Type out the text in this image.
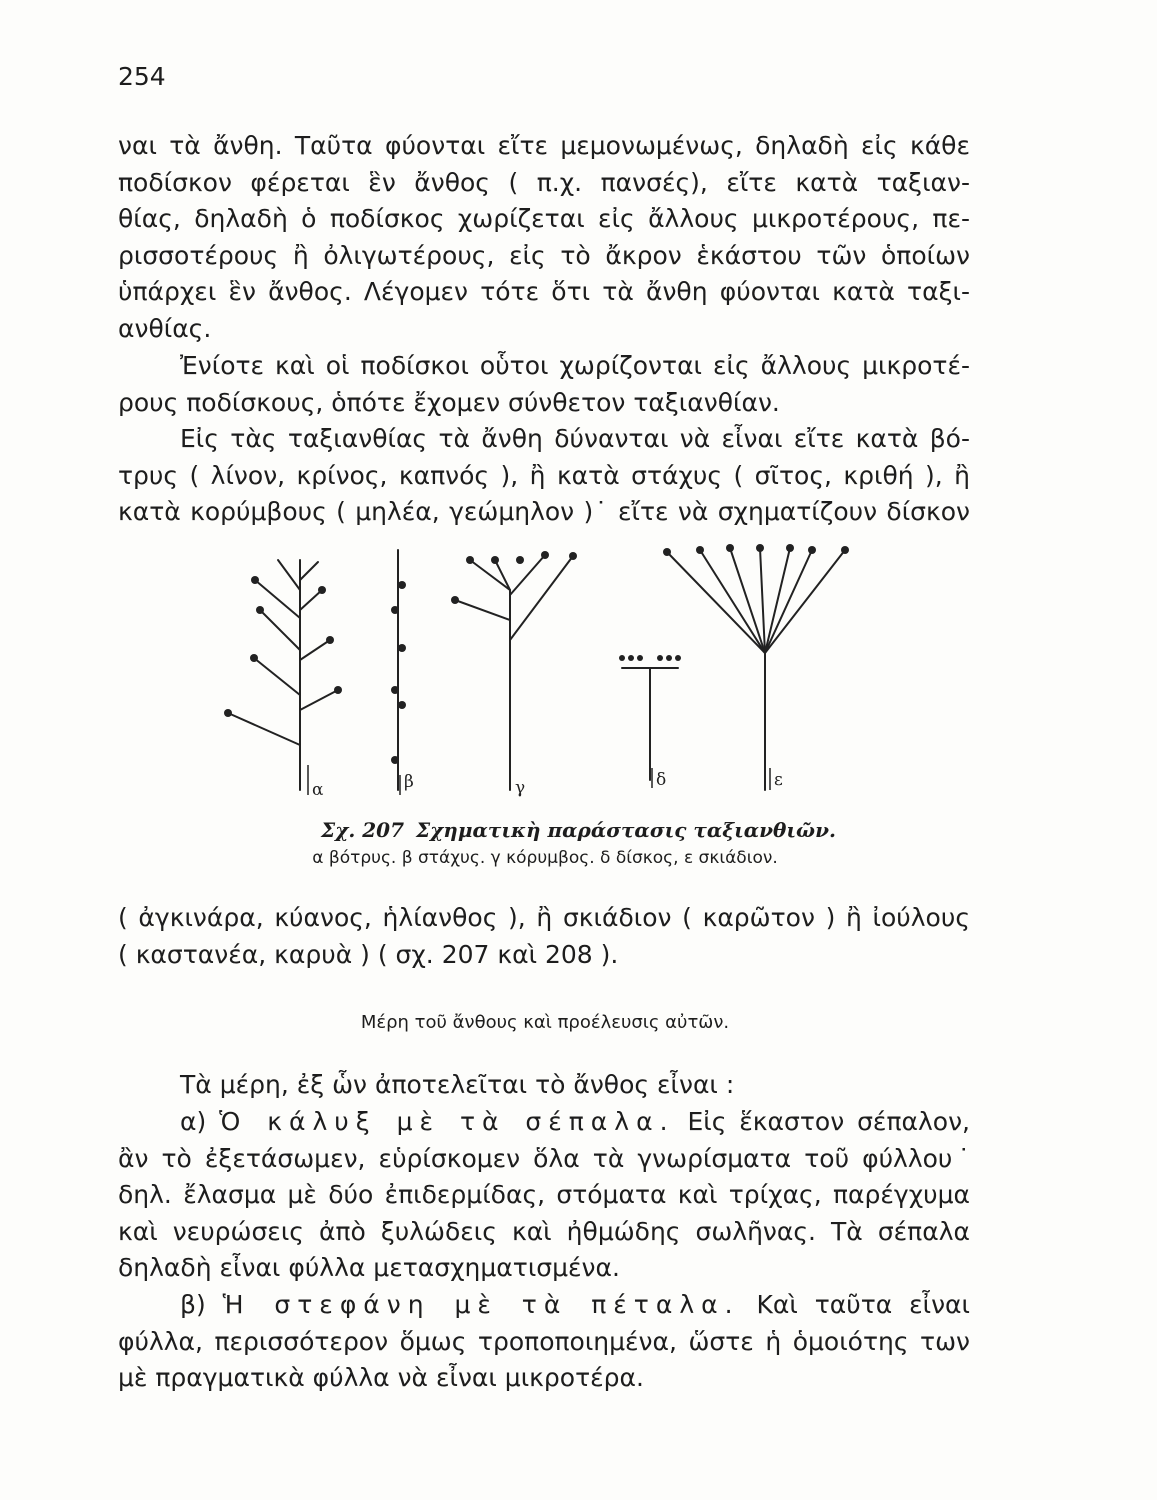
254
ναι τὰ ἄνθη. Ταῦτα φύονται εἴτε μεμονωμένως, δηλαδὴ εἰς κάθε
ποδίσκον φέρεται ἓν ἄνθος ( π.χ. πανσές), εἴτε κατὰ ταξιαν-
θίας, δηλαδὴ ὁ ποδίσκος χωρίζεται εἰς ἄλλους μικροτέρους, πε-
ρισσοτέρους ἢ ὀλιγωτέρους, εἰς τὸ ἄκρον ἑκάστου τῶν ὁποίων
ὑπάρχει ἓν ἄνθος. Λέγομεν τότε ὅτι τὰ ἄνθη φύονται κατὰ ταξι-
ανθίας.
Ἐνίοτε καὶ οἱ ποδίσκοι οὗτοι χωρίζονται εἰς ἄλλους μικροτέ-
ρους ποδίσκους, ὁπότε ἔχομεν σύνθετον ταξιανθίαν.
Εἰς τὰς ταξιανθίας τὰ ἄνθη δύνανται νὰ εἶναι εἴτε κατὰ βό-
τρυς ( λίνον, κρίνος, καπνός ), ἢ κατὰ στάχυς ( σῖτος, κριθή ), ἢ
κατὰ κορύμβους ( μηλέα, γεώμηλον )˙ εἴτε νὰ σχηματίζουν δίσκον
α	β	γ	δ	ε
Σχ. 207 Σχηματικὴ παράστασις ταξιανθιῶν.
α βότρυς. β στάχυς. γ κόρυμβος. δ δίσκος, ε σκιάδιον.
( ἀγκινάρα, κύανος, ἡλίανθος ), ἢ σκιάδιον ( καρῶτον ) ἢ ἰούλους
( καστανέα, καρυὰ ) ( σχ. 207 καὶ 208 ).
Μέρη τοῦ ἄνθους καὶ προέλευσις αὐτῶν.
Τὰ μέρη, ἐξ ὧν ἀποτελεῖται τὸ ἄνθος εἶναι :
α) Ὁ κάλυξ μὲ τὰ σέπαλα. Εἰς ἕκαστον σέπαλον,
ἂν τὸ ἐξετάσωμεν, εὑρίσκομεν ὅλα τὰ γνωρίσματα τοῦ φύλλου˙
δηλ. ἔλασμα μὲ δύο ἐπιδερμίδας, στόματα καὶ τρίχας, παρέγχυμα
καὶ νευρώσεις ἀπὸ ξυλώδεις καὶ ἠθμώδης σωλῆνας. Τὰ σέπαλα
δηλαδὴ εἶναι φύλλα μετασχηματισμένα.
β) Ἡ στεφάνη μὲ τὰ πέταλα. Καὶ ταῦτα εἶναι
φύλλα, περισσότερον ὅμως τροποποιημένα, ὥστε ἡ ὁμοιότης των
μὲ πραγματικὰ φύλλα νὰ εἶναι μικροτέρα.
